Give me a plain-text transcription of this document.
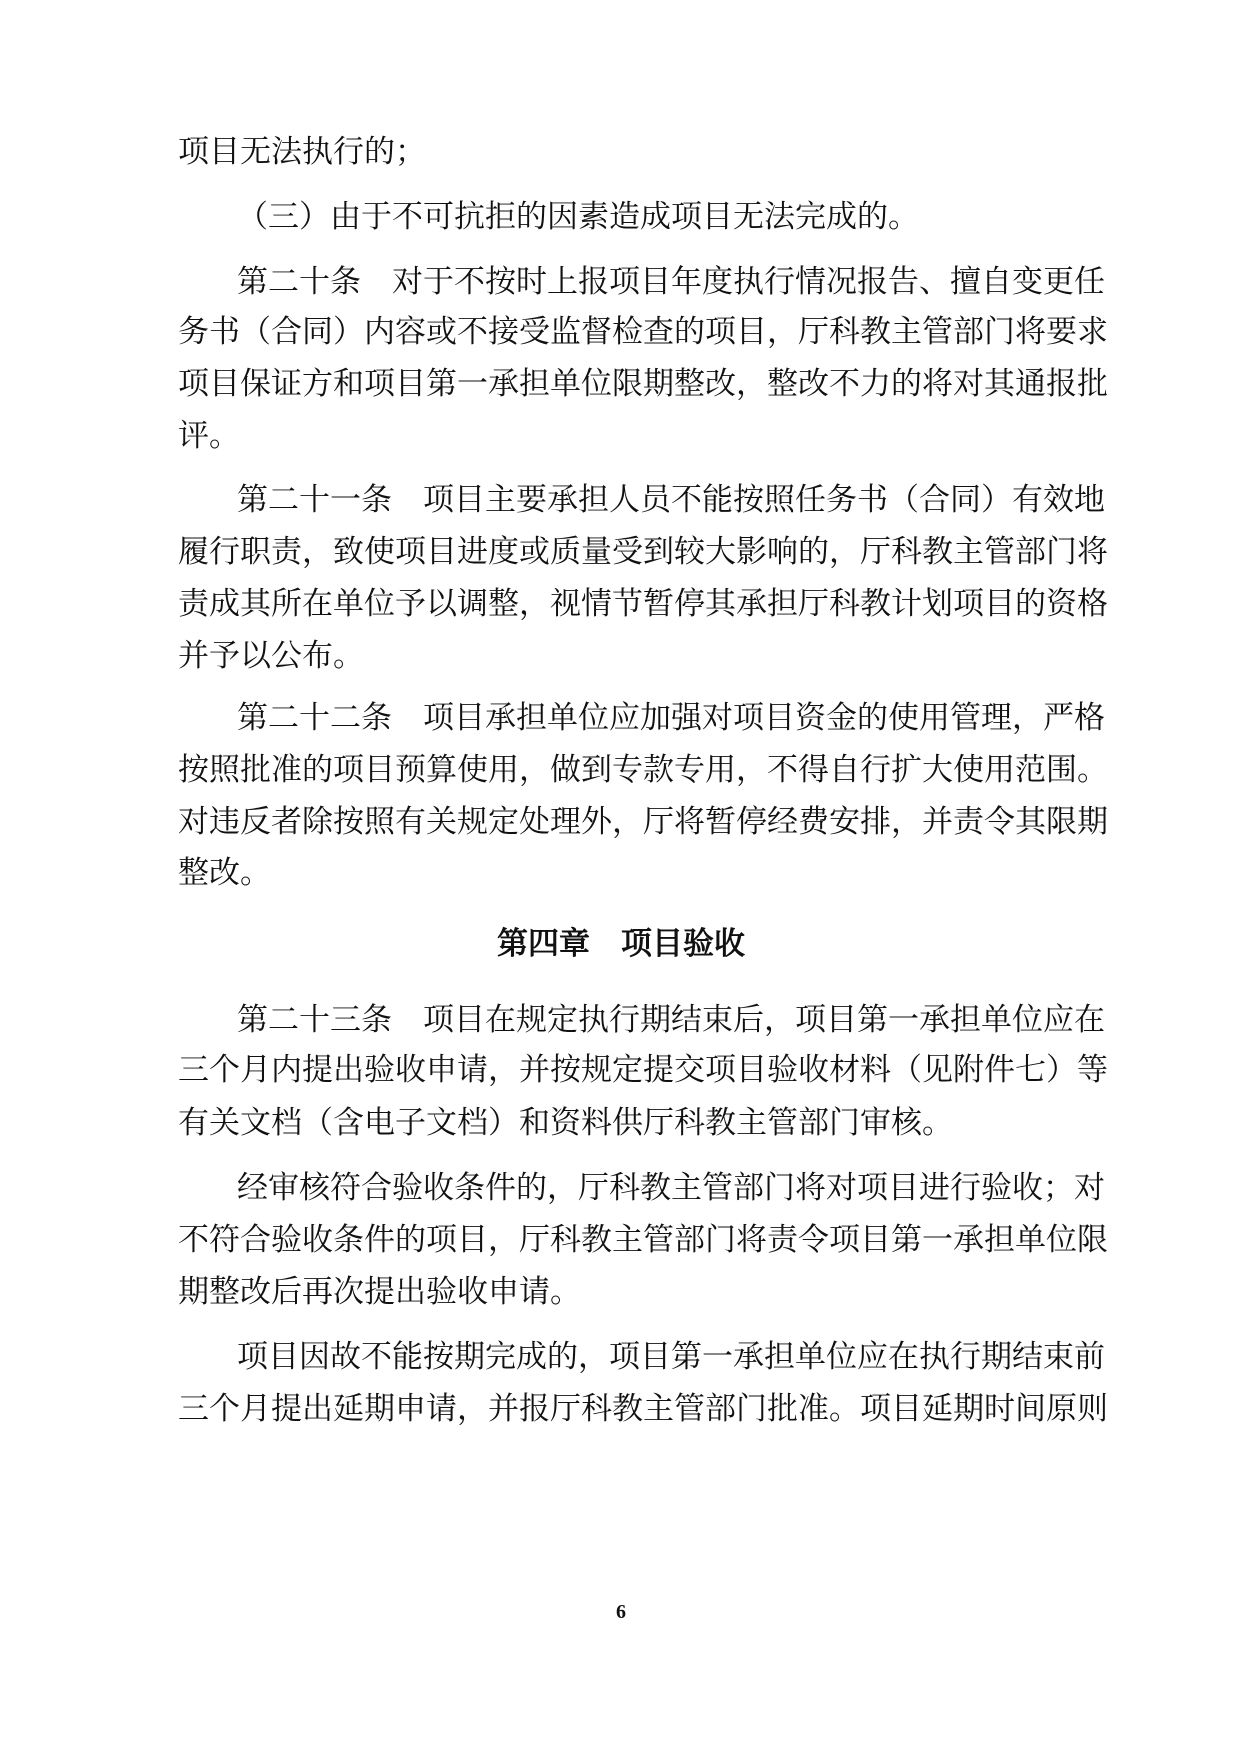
项目无法执行的；
（三）由于不可抗拒的因素造成项目无法完成的。
第二十条　对于不按时上报项目年度执行情况报告、擅自变更任
务书（合同）内容或不接受监督检查的项目，厅科教主管部门将要求
项目保证方和项目第一承担单位限期整改，整改不力的将对其通报批
评。
第二十一条　项目主要承担人员不能按照任务书（合同）有效地
履行职责，致使项目进度或质量受到较大影响的，厅科教主管部门将
责成其所在单位予以调整，视情节暂停其承担厅科教计划项目的资格
并予以公布。
第二十二条　项目承担单位应加强对项目资金的使用管理，严格
按照批准的项目预算使用，做到专款专用，不得自行扩大使用范围。
对违反者除按照有关规定处理外，厅将暂停经费安排，并责令其限期
整改。
第四章　项目验收
第二十三条　项目在规定执行期结束后，项目第一承担单位应在
三个月内提出验收申请，并按规定提交项目验收材料（见附件七）等
有关文档（含电子文档）和资料供厅科教主管部门审核。
经审核符合验收条件的，厅科教主管部门将对项目进行验收；对
不符合验收条件的项目，厅科教主管部门将责令项目第一承担单位限
期整改后再次提出验收申请。
项目因故不能按期完成的，项目第一承担单位应在执行期结束前
三个月提出延期申请，并报厅科教主管部门批准。项目延期时间原则
6
